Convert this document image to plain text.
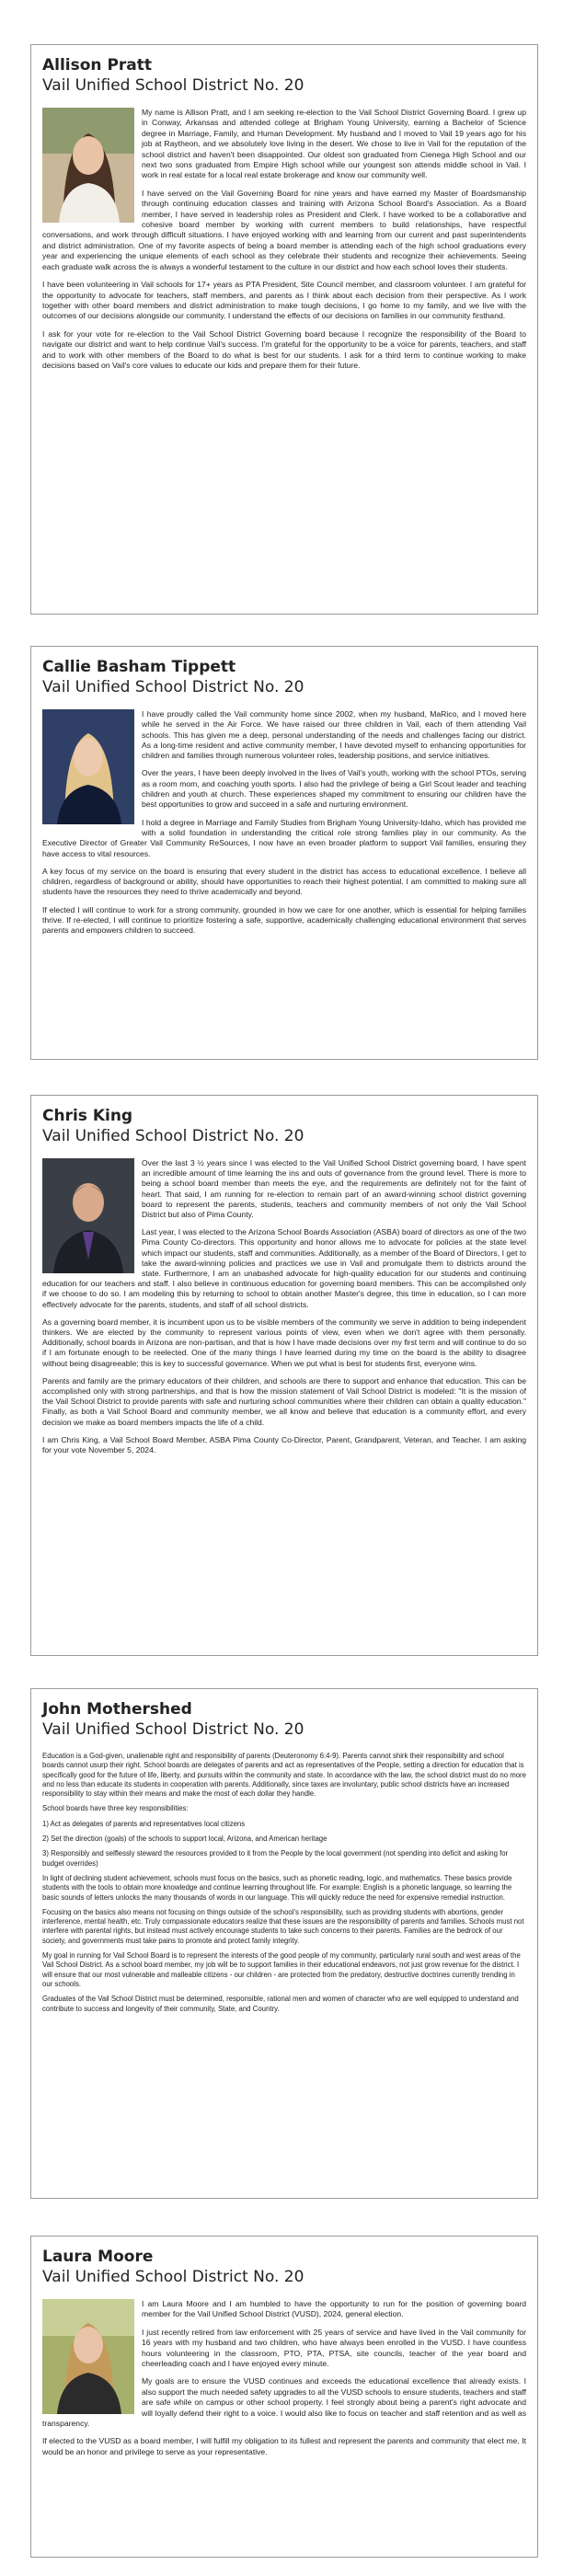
Allison Pratt
Vail Unified School District No. 20

My name is Allison Pratt, and I am seeking re-election to the Vail School District Governing Board. I grew up in Conway, Arkansas and attended college at Brigham Young University, earning a Bachelor of Science degree in Marriage, Family, and Human Development. My husband and I moved to Vail 19 years ago for his job at Raytheon, and we absolutely love living in the desert. We chose to live in Vail for the reputation of the school district and haven't been disappointed. Our oldest son graduated from Cienega High School and our next two sons graduated from Empire High school while our youngest son attends middle school in Vail. I work in real estate for a local real estate brokerage and know our community well.

I have served on the Vail Governing Board for nine years and have earned my Master of Boardsmanship through continuing education classes and training with Arizona School Board's Association. As a Board member, I have served in leadership roles as President and Clerk. I have worked to be a collaborative and cohesive board member by working with current members to build relationships, have respectful conversations, and work through difficult situations. I have enjoyed working with and learning from our current and past superintendents and district administration. One of my favorite aspects of being a board member is attending each of the high school graduations every year and experiencing the unique elements of each school as they celebrate their students and recognize their achievements. Seeing each graduate walk across the is always a wonderful testament to the culture in our district and how each school loves their students.

I have been volunteering in Vail schools for 17+ years as PTA President, Site Council member, and classroom volunteer. I am grateful for the opportunity to advocate for teachers, staff members, and parents as I think about each decision from their perspective. As I work together with other board members and district administration to make tough decisions, I go home to my family, and we live with the outcomes of our decisions alongside our community. I understand the effects of our decisions on families in our community firsthand.

I ask for your vote for re-election to the Vail School District Governing board because I recognize the responsibility of the Board to navigate our district and want to help continue Vail's success. I'm grateful for the opportunity to be a voice for parents, teachers, and staff and to work with other members of the Board to do what is best for our students. I ask for a third term to continue working to make decisions based on Vail's core values to educate our kids and prepare them for their future.

Callie Basham Tippett
Vail Unified School District No. 20

I have proudly called the Vail community home since 2002, when my husband, MaRico, and I moved here while he served in the Air Force. We have raised our three children in Vail, each of them attending Vail schools. This has given me a deep, personal understanding of the needs and challenges facing our district. As a long-time resident and active community member, I have devoted myself to enhancing opportunities for children and families through numerous volunteer roles, leadership positions, and service initiatives.

Over the years, I have been deeply involved in the lives of Vail's youth, working with the school PTOs, serving as a room mom, and coaching youth sports. I also had the privilege of being a Girl Scout leader and teaching children and youth at church. These experiences shaped my commitment to ensuring our children have the best opportunities to grow and succeed in a safe and nurturing environment.

I hold a degree in Marriage and Family Studies from Brigham Young University-Idaho, which has provided me with a solid foundation in understanding the critical role strong families play in our community. As the Executive Director of Greater Vail Community ReSources, I now have an even broader platform to support Vail families, ensuring they have access to vital resources.

A key focus of my service on the board is ensuring that every student in the district has access to educational excellence. I believe all children, regardless of background or ability, should have opportunities to reach their highest potential. I am committed to making sure all students have the resources they need to thrive academically and beyond.

If elected I will continue to work for a strong community, grounded in how we care for one another, which is essential for helping families thrive. If re-elected, I will continue to prioritize fostering a safe, supportive, academically challenging educational environment that serves parents and empowers children to succeed.

Chris King
Vail Unified School District No. 20

Over the last 3 ½ years since I was elected to the Vail Unified School District governing board, I have spent an incredible amount of time learning the ins and outs of governance from the ground level. There is more to being a school board member than meets the eye, and the requirements are definitely not for the faint of heart. That said, I am running for re-election to remain part of an award-winning school district governing board to represent the parents, students, teachers and community members of not only the Vail School District but also of Pima County.

Last year, I was elected to the Arizona School Boards Association (ASBA) board of directors as one of the two Pima County Co-directors. This opportunity and honor allows me to advocate for policies at the state level which impact our students, staff and communities. Additionally, as a member of the Board of Directors, I get to take the award-winning policies and practices we use in Vail and promulgate them to districts around the state. Furthermore, I am an unabashed advocate for high-quality education for our students and continuing education for our teachers and staff. I also believe in continuous education for governing board members. This can be accomplished only if we choose to do so. I am modeling this by returning to school to obtain another Master's degree, this time in education, so I can more effectively advocate for the parents, students, and staff of all school districts.

As a governing board member, it is incumbent upon us to be visible members of the community we serve in addition to being independent thinkers. We are elected by the community to represent various points of view, even when we don't agree with them personally. Additionally, school boards in Arizona are non-partisan, and that is how I have made decisions over my first term and will continue to do so if I am fortunate enough to be reelected. One of the many things I have learned during my time on the board is the ability to disagree without being disagreeable; this is key to successful governance. When we put what is best for students first, everyone wins.

Parents and family are the primary educators of their children, and schools are there to support and enhance that education. This can be accomplished only with strong partnerships, and that is how the mission statement of Vail School District is modeled: "It is the mission of the Vail School District to provide parents with safe and nurturing school communities where their children can obtain a quality education." Finally, as both a Vail School Board and community member, we all know and believe that education is a community effort, and every decision we make as board members impacts the life of a child.

I am Chris King, a Vail School Board Member, ASBA Pima County Co-Director, Parent, Grandparent, Veteran, and Teacher. I am asking for your vote November 5, 2024.

John Mothershed
Vail Unified School District No. 20

Education is a God-given, unalienable right and responsibility of parents (Deuteronomy 6:4-9). Parents cannot shirk their responsibility and school boards cannot usurp their right. School boards are delegates of parents and act as representatives of the People, setting a direction for education that is specifically good for the future of life, liberty, and pursuits within the community and state. In accordance with the law, the school district must do no more and no less than educate its students in cooperation with parents. Additionally, since taxes are involuntary, public school districts have an increased responsibility to stay within their means and make the most of each dollar they handle.

School boards have three key responsibilities:

1) Act as delegates of parents and representatives local citizens

2) Set the direction (goals) of the schools to support local, Arizona, and American heritage

3) Responsibly and selflessly steward the resources provided to it from the People by the local government (not spending into deficit and asking for budget overrides)

In light of declining student achievement, schools must focus on the basics, such as phonetic reading, logic, and mathematics. These basics provide students with the tools to obtain more knowledge and continue learning throughout life. For example: English is a phonetic language, so learning the basic sounds of letters unlocks the many thousands of words in our language. This will quickly reduce the need for expensive remedial instruction.

Focusing on the basics also means not focusing on things outside of the school's responsibility, such as providing students with abortions, gender interference, mental health, etc. Truly compassionate educators realize that these issues are the responsibility of parents and families. Schools must not interfere with parental rights, but instead must actively encourage students to take such concerns to their parents. Families are the bedrock of our society, and governments must take pains to promote and protect family integrity.

My goal in running for Vail School Board is to represent the interests of the good people of my community, particularly rural south and west areas of the Vail School District. As a school board member, my job will be to support families in their educational endeavors, not just grow revenue for the district. I will ensure that our most vulnerable and malleable citizens - our children - are protected from the predatory, destructive doctrines currently trending in our schools.

Graduates of the Vail School District must be determined, responsible, rational men and women of character who are well equipped to understand and contribute to success and longevity of their community, State, and Country.

Laura Moore
Vail Unified School District No. 20

I am Laura Moore and I am humbled to have the opportunity to run for the position of governing board member for the Vail Unified School District (VUSD), 2024, general election.

I just recently retired from law enforcement with 25 years of service and have lived in the Vail community for 16 years with my husband and two children, who have always been enrolled in the VUSD. I have countless hours volunteering in the classroom, PTO, PTA, PTSA, site councils, teacher of the year board and cheerleading coach and I have enjoyed every minute.

My goals are to ensure the VUSD continues and exceeds the educational excellence that already exists. I also support the much needed safety upgrades to all the VUSD schools to ensure students, teachers and staff are safe while on campus or other school property. I feel strongly about being a parent's right advocate and will loyally defend their right to a voice. I would also like to focus on teacher and staff retention and as well as transparency.

If elected to the VUSD as a board member, I will fulfill my obligation to its fullest and represent the parents and community that elect me. It would be an honor and privilege to serve as your representative.
